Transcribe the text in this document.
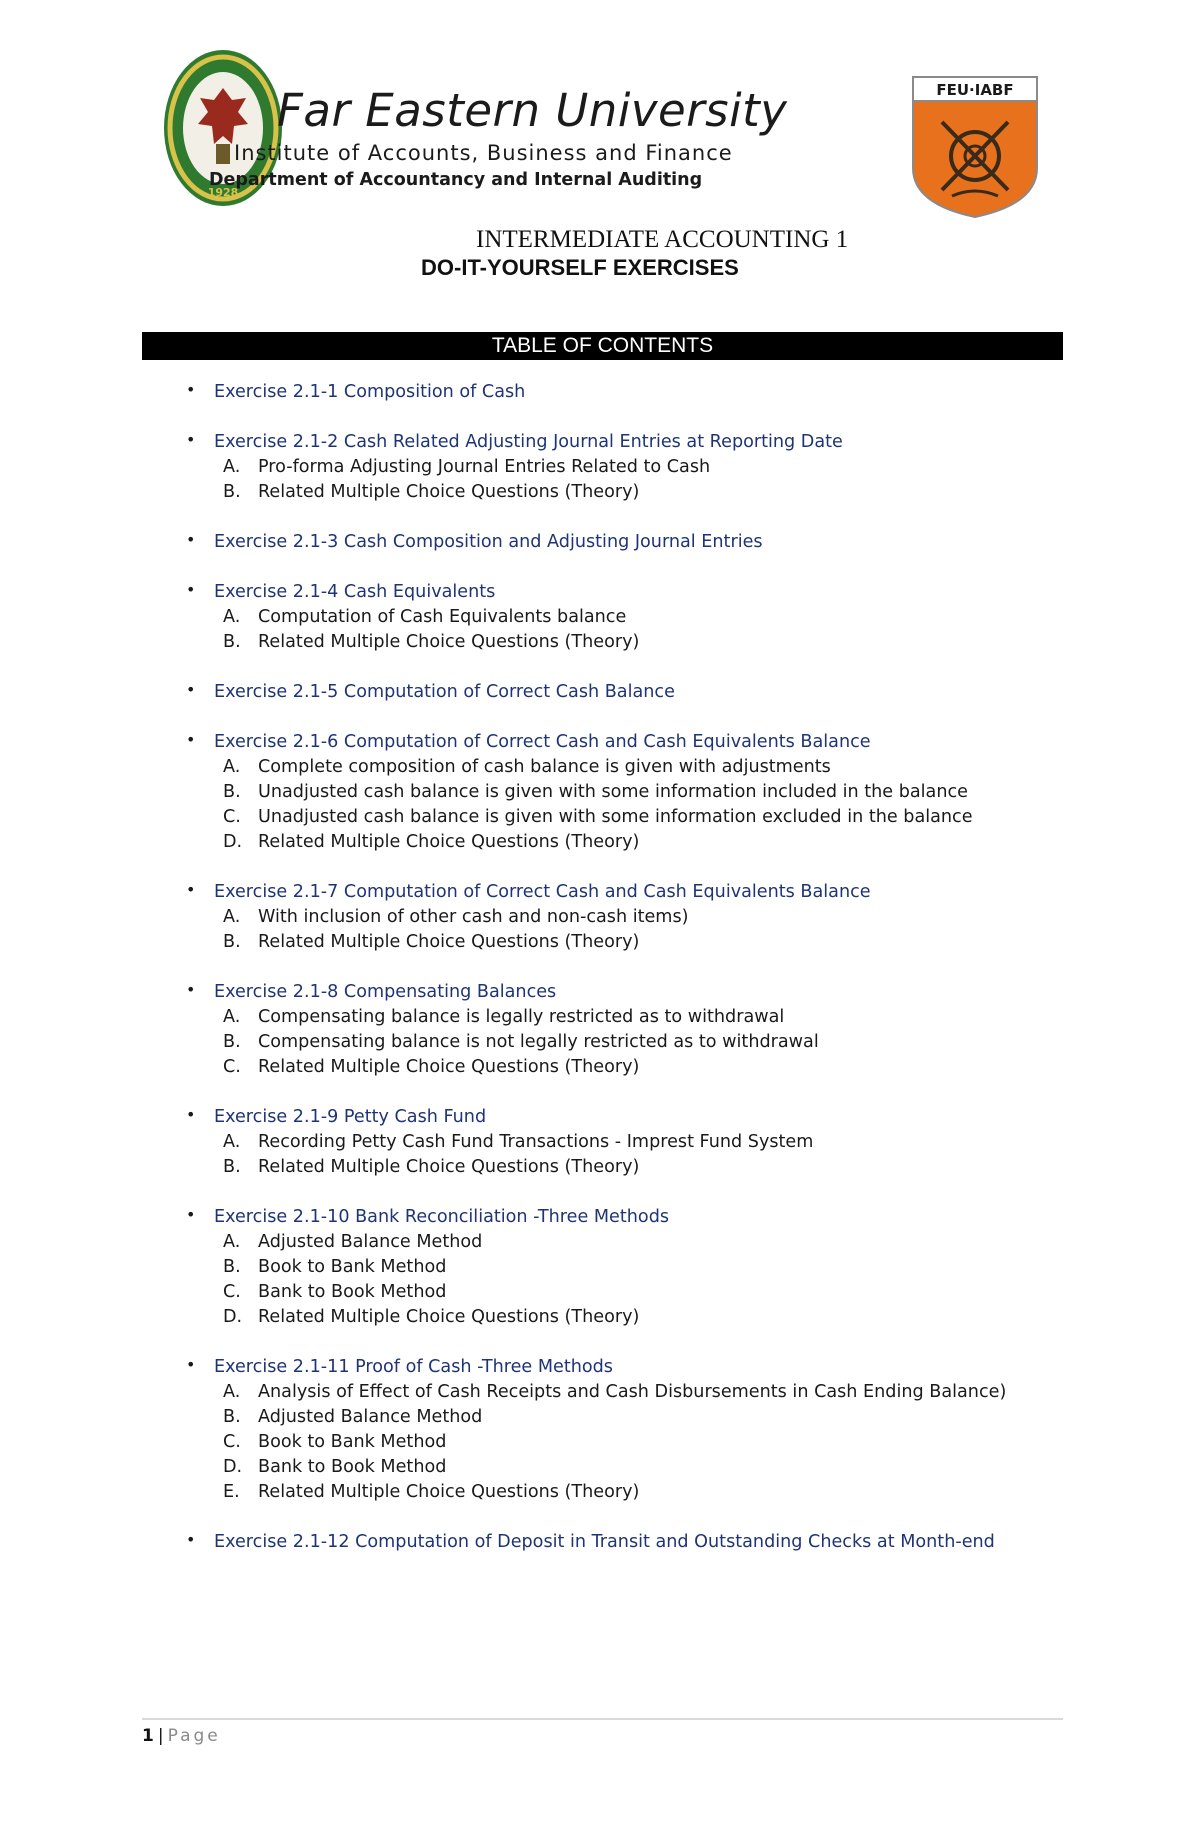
1928
Far Eastern University
Institute of Accounts, Business and Finance
Department of Accountancy and Internal Auditing
FEU·IABF
INTERMEDIATE ACCOUNTING 1
DO-IT-YOURSELF EXERCISES
TABLE OF CONTENTS
• Exercise 2.1-1 Composition of Cash
• Exercise 2.1-2 Cash Related Adjusting Journal Entries at Reporting Date
A.	Pro-forma Adjusting Journal Entries Related to Cash
B. Related Multiple Choice Questions (Theory)
• Exercise 2.1-3 Cash Composition and Adjusting Journal Entries
• Exercise 2.1-4 Cash Equivalents
A.	Computation of Cash Equivalents balance
B. Related Multiple Choice Questions (Theory)
• Exercise 2.1-5 Computation of Correct Cash Balance
• Exercise 2.1-6 Computation of Correct Cash and Cash Equivalents Balance
A.	Complete composition of cash balance is given with adjustments
B. Unadjusted cash balance is given with some information included in the balance
C. Unadjusted cash balance is given with some information excluded in the balance
D. Related Multiple Choice Questions (Theory)
• Exercise 2.1-7 Computation of Correct Cash and Cash Equivalents Balance
A.	With inclusion of other cash and non-cash items)
B. Related Multiple Choice Questions (Theory)
• Exercise 2.1-8 Compensating Balances
A.	Compensating balance is legally restricted as to withdrawal
B. Compensating balance is not legally restricted as to withdrawal
C. Related Multiple Choice Questions (Theory)
• Exercise 2.1-9 Petty Cash Fund
A.	Recording Petty Cash Fund Transactions - Imprest Fund System
B. Related Multiple Choice Questions (Theory)
• Exercise 2.1-10 Bank Reconciliation -Three Methods
A.	Adjusted Balance Method
B. Book to Bank Method
C. Bank to Book Method
D. Related Multiple Choice Questions (Theory)
• Exercise 2.1-11 Proof of Cash -Three Methods
A.	Analysis of Effect of Cash Receipts and Cash Disbursements in Cash Ending Balance)
B. Adjusted Balance Method
C. Book to Bank Method
D. Bank to Book Method
E.	Related Multiple Choice Questions (Theory)
• Exercise 2.1-12 Computation of Deposit in Transit and Outstanding Checks at Month-end
1 | Page
